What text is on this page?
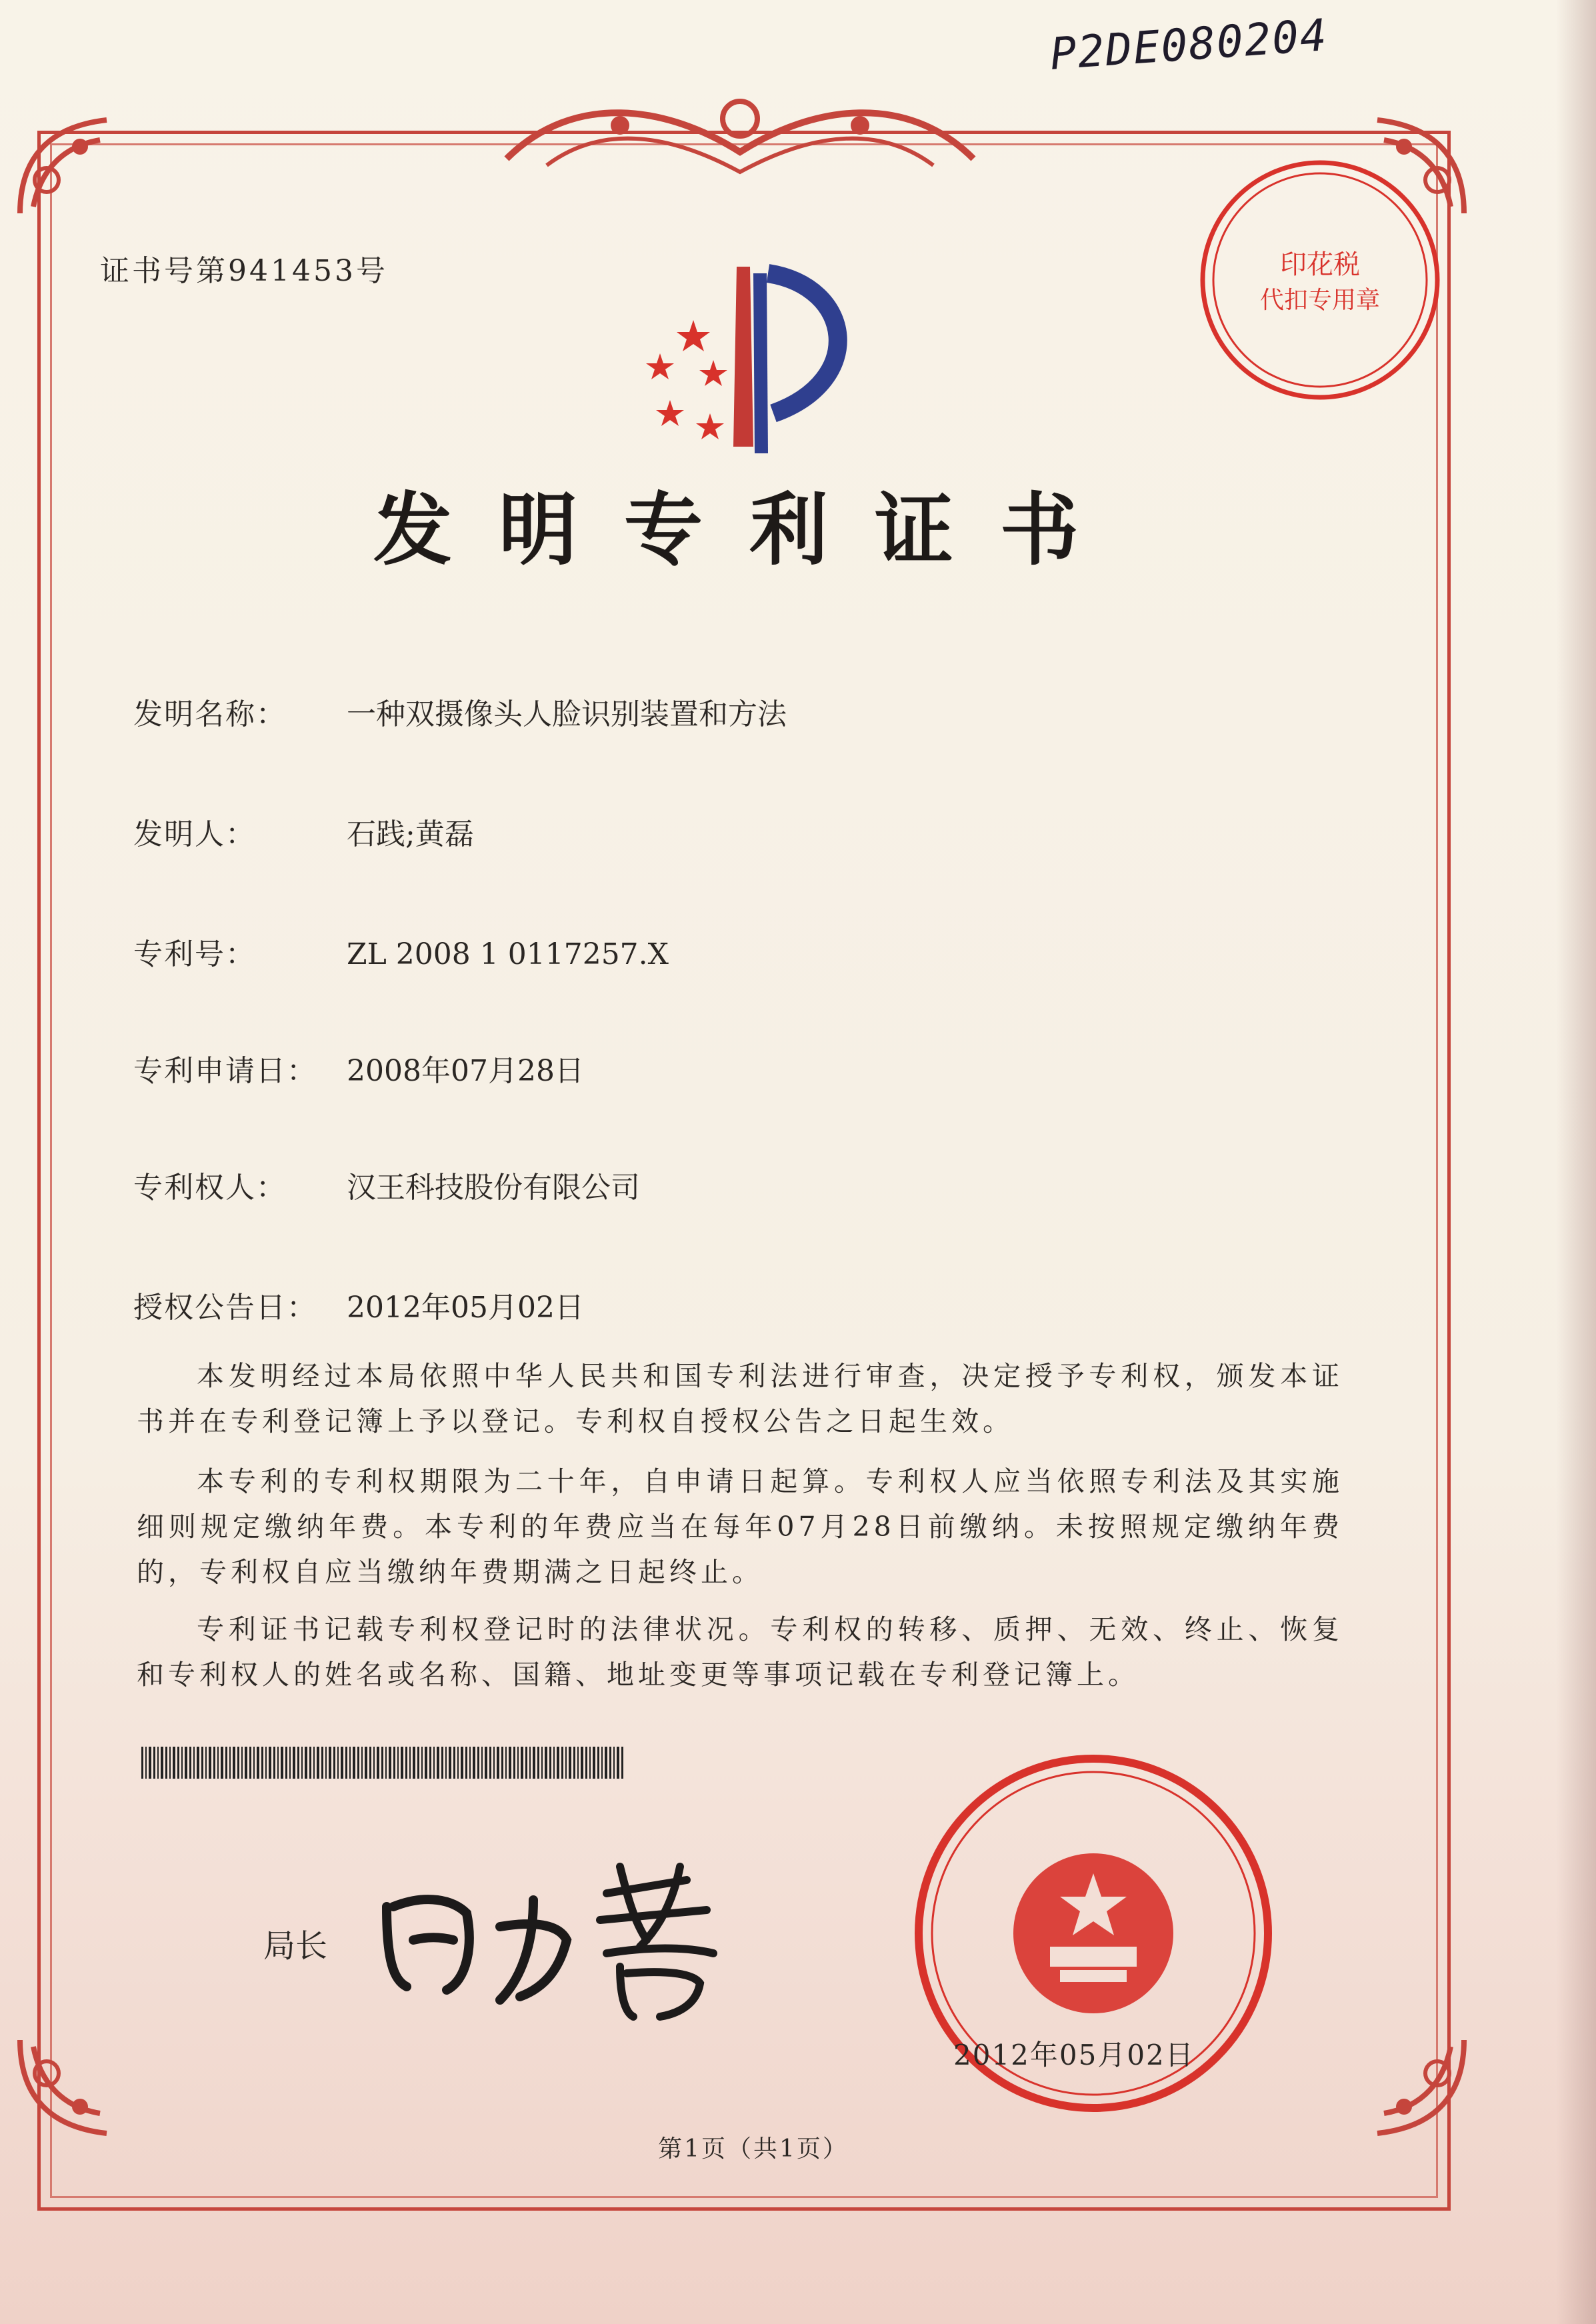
P2DE080204
证书号第941453号	印花税
代扣专用章
发明专利证书
发明名称： 一种双摄像头人脸识别装置和方法
发明人：	石践;黄磊
专利号：	ZL 2008 1 0117257.X
专利申请日： 2008年07月28日
专利权人： 汉王科技股份有限公司
授权公告日： 2012年05月02日
本发明经过本局依照中华人民共和国专利法进行审查，决定授予专利权，颁发本证书并在专利登记簿上予以登记。专利权自授权公告之日起生效。
本专利的专利权期限为二十年，自申请日起算。专利权人应当依照专利法及其实施细则规定缴纳年费。本专利的年费应当在每年07月28日前缴纳。未按照规定缴纳年费的，专利权自应当缴纳年费期满之日起终止。
专利证书记载专利权登记时的法律状况。专利权的转移、质押、无效、终止、恢复和专利权人的姓名或名称、国籍、地址变更等事项记载在专利登记簿上。
局长
2012年05月02日
第1页（共1页）
